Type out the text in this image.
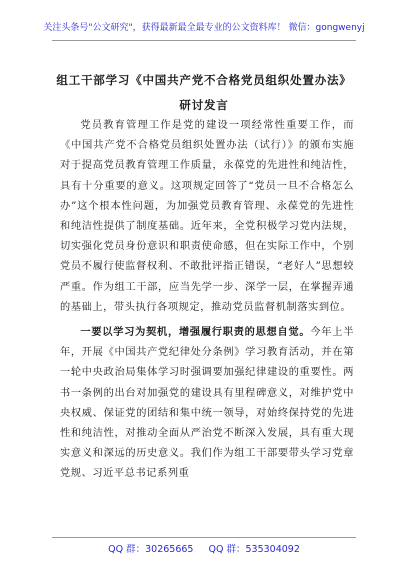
关注头条号"公文研究"，获得最新最全最专业的公文资料库！ 微信：gongwenyj
组工干部学习《中国共产党不合格党员组织处置办法》研讨发言

党员教育管理工作是党的建设一项经常性重要工作，而《中国共产党不合格党员组织处置办法（试行）》的颁布实施对于提高党员教育管理工作质量，永葆党的先进性和纯洁性，具有十分重要的意义。这项规定回答了“党员一旦不合格怎么办”这个根本性问题，为加强党员教育管理、永葆党的先进性和纯洁性提供了制度基础。近年来，全党积极学习党内法规，切实强化党员身份意识和职责使命感，但在实际工作中，个别党员不履行使监督权利、不敢批评指正错误，“老好人”思想较严重。作为组工干部，应当先学一步、深学一层，在掌握弄通的基础上，带头执行各项规定，推动党员监督机制落实到位。

一要以学习为契机，增强履行职责的思想自觉。今年上半年，开展《中国共产党纪律处分条例》学习教育活动，并在第一轮中央政治局集体学习时强调要加强纪律建设的重要性。两书一条例的出台对加强党的建设具有里程碑意义，对维护党中央权威、保证党的团结和集中统一领导，对始终保持党的先进性和纯洁性，对推动全面从严治党不断深入发展，具有重大现实意义和深远的历史意义。我们作为组工干部要带头学习党章党规、习近平总书记系列重

QQ 群：30265665 QQ 群：535304092
